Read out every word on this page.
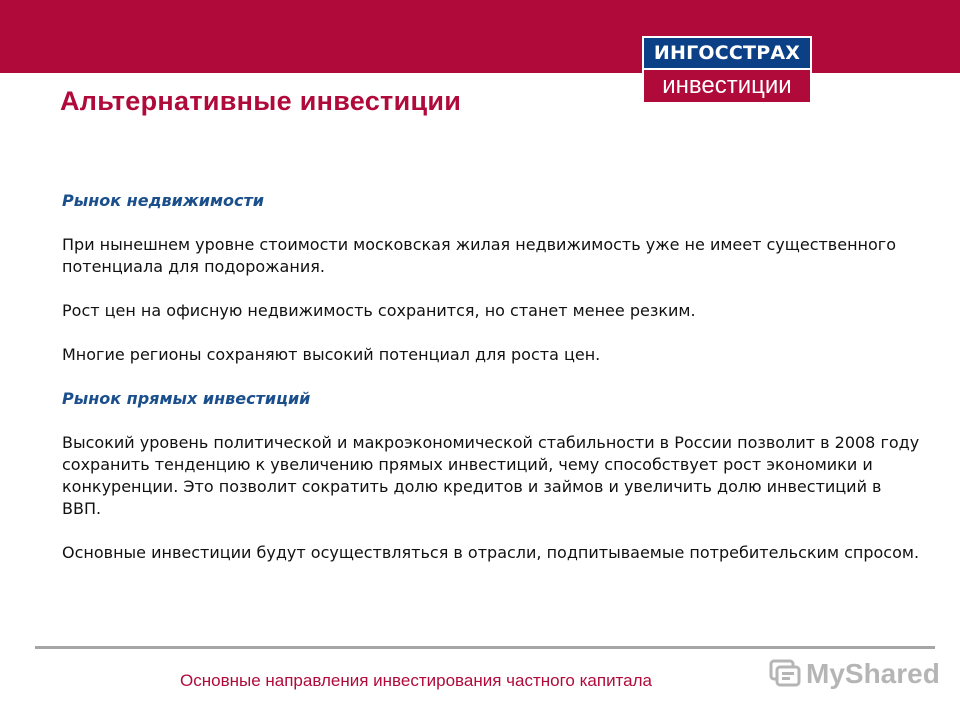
ИНГОССТРАХ
инвестиции
Альтернативные инвестиции

Рынок недвижимости

При нынешнем уровне стоимости московская жилая недвижимость уже не имеет существенного потенциала для подорожания.

Рост цен на офисную недвижимость сохранится, но станет менее резким.

Многие регионы сохраняют высокий потенциал для роста цен.

Рынок прямых инвестиций

Высокий уровень политической и макроэкономической стабильности в России позволит в 2008 году сохранить тенденцию к увеличению прямых инвестиций, чему способствует рост экономики и конкуренции. Это позволит сократить долю кредитов и займов и увеличить долю инвестиций в ВВП.

Основные инвестиции будут осуществляться в отрасли, подпитываемые потребительским спросом.

Основные направления инвестирования частного капитала	MyShared
